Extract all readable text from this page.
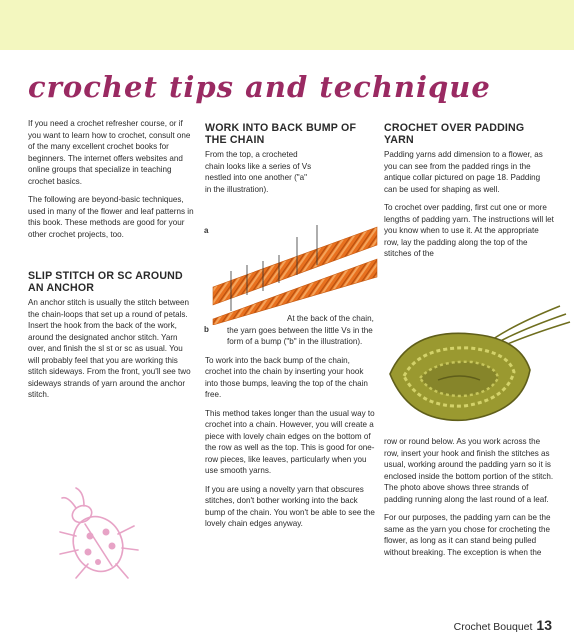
crochet tips and technique

If you need a crochet refresher course, or if you want to learn how to crochet, consult one of the many excellent crochet books for beginners. The internet offers websites and online groups that specialize in teaching crochet basics.

The following are beyond-basic techniques, used in many of the flower and leaf patterns in this book. These methods are good for your other crochet projects, too.

SLIP STITCH OR SC AROUND AN ANCHOR

An anchor stitch is usually the stitch between the chain-loops that set up a round of petals. Insert the hook from the back of the work, around the designated anchor stitch. Yarn over, and finish the sl st or sc as usual. You will probably feel that you are working this stitch sideways. From the front, you'll see two sideways strands of yarn around the anchor stitch.

WORK INTO BACK BUMP OF THE CHAIN

From the top, a crocheted chain looks like a series of Vs nestled into one another ("a" in the illustration).

a
b
At the back of the chain,

the yarn goes between the little Vs in the form of a bump ("b" in the illustration).

To work into the back bump of the chain, crochet into the chain by inserting your hook into those bumps, leaving the top of the chain free.

This method takes longer than the usual way to crochet into a chain. However, you will create a piece with lovely chain edges on the bottom of the row as well as the top. This is good for one-row pieces, like leaves, particularly when you use smooth yarns.

If you are using a novelty yarn that obscures stitches, don't bother working into the back bump of the chain. You won't be able to see the lovely chain edges anyway.

CROCHET OVER PADDING YARN

Padding yarns add dimension to a flower, as you can see from the padded rings in the antique collar pictured on page 18. Padding can be used for shaping as well.

To crochet over padding, first cut one or more lengths of padding yarn. The instructions will let you know when to use it. At the appropriate row, lay the padding along the top of the stitches of the

row or round below. As you work across the row, insert your hook and finish the stitches as usual, working around the padding yarn so it is enclosed inside the bottom portion of the stitch. The photo above shows three strands of padding running along the last round of a leaf.

For our purposes, the padding yarn can be the same as the yarn you chose for crocheting the flower, as long as it can stand being pulled without breaking. The exception is when the

Crochet Bouquet 13
